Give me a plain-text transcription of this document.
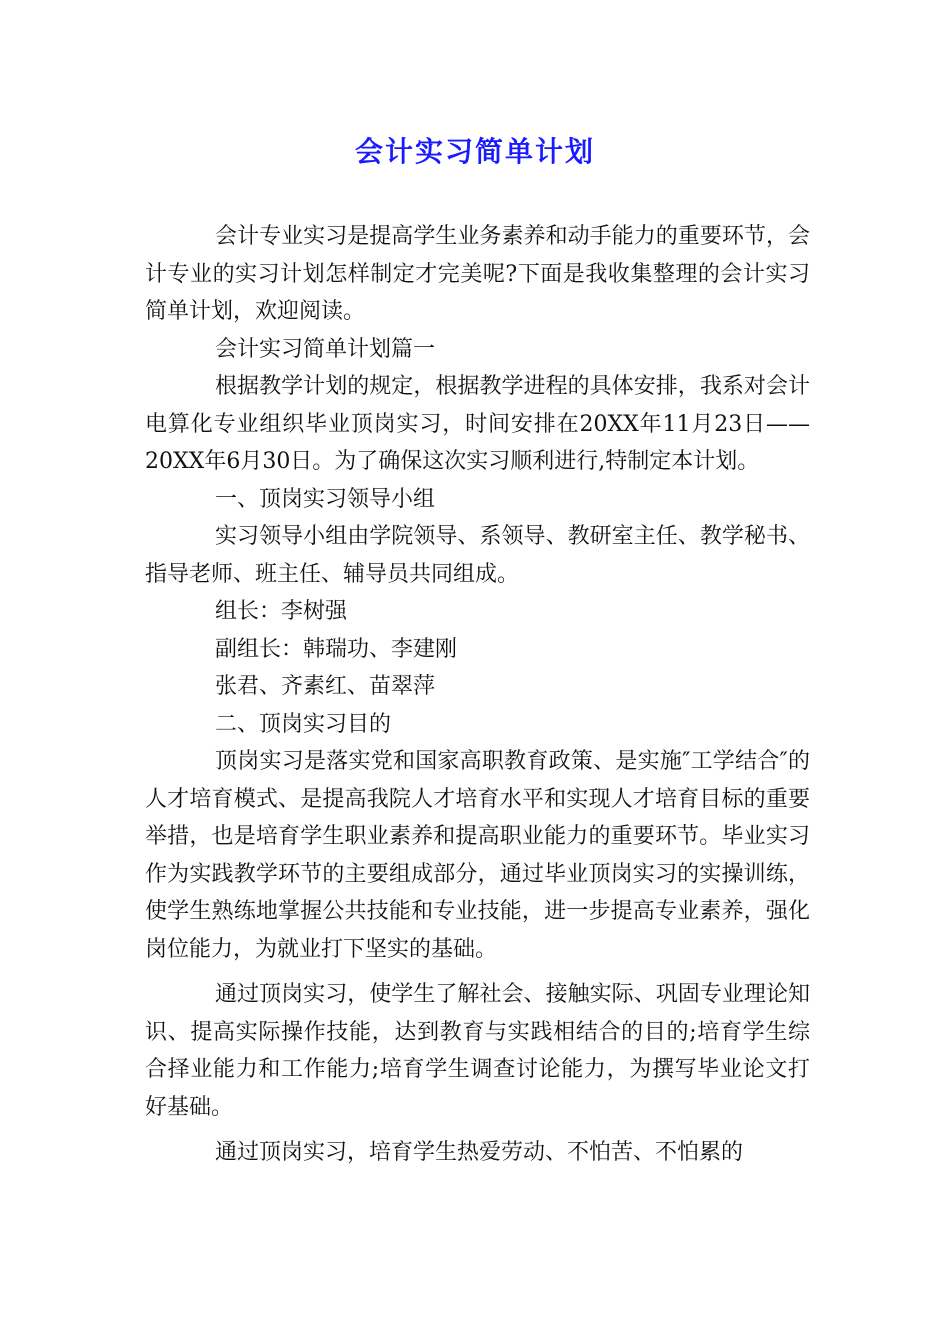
会计实习简单计划

会计专业实习是提高学生业务素养和动手能力的重要环节，会计专业的实习计划怎样制定才完美呢?下面是我收集整理的会计实习简单计划，欢迎阅读。

会计实习简单计划篇一

根据教学计划的规定，根据教学进程的具体安排，我系对会计电算化专业组织毕业顶岗实习，时间安排在20XX年11月23日——20XX年6月30日。为了确保这次实习顺利进行,特制定本计划。

一、顶岗实习领导小组

实习领导小组由学院领导、系领导、教研室主任、教学秘书、指导老师、班主任、辅导员共同组成。

组长：李树强

副组长：韩瑞功、李建刚

张君、齐素红、苗翠萍

二、顶岗实习目的

顶岗实习是落实党和国家高职教育政策、是实施″工学结合″的人才培育模式、是提高我院人才培育水平和实现人才培育目标的重要举措，也是培育学生职业素养和提高职业能力的重要环节。毕业实习作为实践教学环节的主要组成部分，通过毕业顶岗实习的实操训练，使学生熟练地掌握公共技能和专业技能，进一步提高专业素养，强化岗位能力，为就业打下坚实的基础。

通过顶岗实习，使学生了解社会、接触实际、巩固专业理论知识、提高实际操作技能，达到教育与实践相结合的目的;培育学生综合择业能力和工作能力;培育学生调查讨论能力，为撰写毕业论文打好基础。

通过顶岗实习，培育学生热爱劳动、不怕苦、不怕累的
